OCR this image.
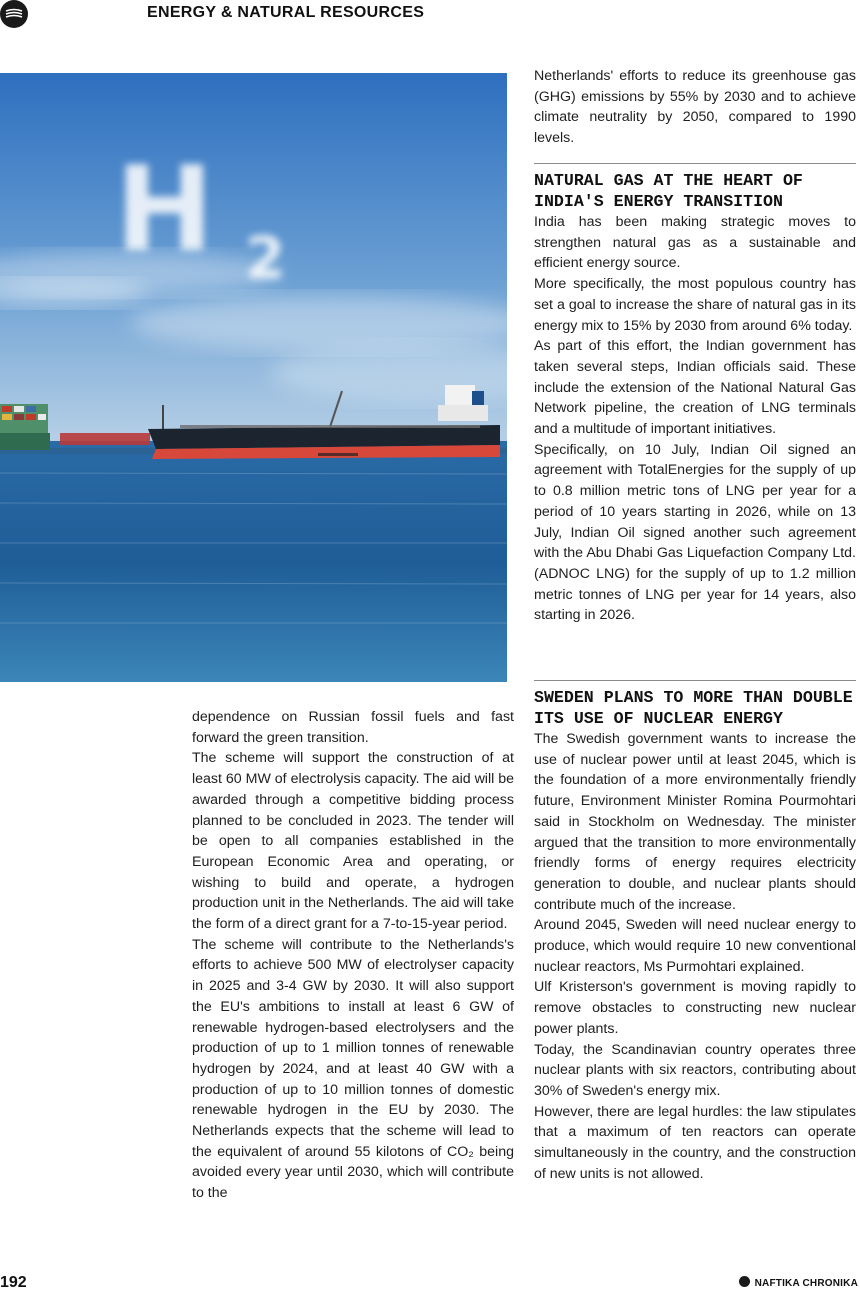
ENERGY & NATURAL RESOURCES
H 2

dependence on Russian fossil fuels and fast forward the green transition.

The scheme will support the construction of at least 60 MW of electrolysis capacity. The aid will be awarded through a competitive bidding process planned to be concluded in 2023. The tender will be open to all companies established in the European Economic Area and operating, or wishing to build and operate, a hydrogen production unit in the Netherlands. The aid will take the form of a direct grant for a 7-to-15-year period.

The scheme will contribute to the Netherlands's efforts to achieve 500 MW of electrolyser capacity in 2025 and 3-4 GW by 2030. It will also support the EU's ambitions to install at least 6 GW of renewable hydrogen-based electrolysers and the production of up to 1 million tonnes of renewable hydrogen by 2024, and at least 40 GW with a production of up to 10 million tonnes of domestic renewable hydrogen in the EU by 2030. The Netherlands expects that the scheme will lead to the equivalent of around 55 kilotons of CO₂ being avoided every year until 2030, which will contribute to the

Netherlands' efforts to reduce its greenhouse gas (GHG) emissions by 55% by 2030 and to achieve climate neutrality by 2050, compared to 1990 levels.

NATURAL GAS AT THE HEART OF INDIA'S ENERGY TRANSITION

India has been making strategic moves to strengthen natural gas as a sustainable and efficient energy source.

More specifically, the most populous country has set a goal to increase the share of natural gas in its energy mix to 15% by 2030 from around 6% today.

As part of this effort, the Indian government has taken several steps, Indian officials said. These include the extension of the National Natural Gas Network pipeline, the creation of LNG terminals and a multitude of important initiatives.

Specifically, on 10 July, Indian Oil signed an agreement with TotalEnergies for the supply of up to 0.8 million metric tons of LNG per year for a period of 10 years starting in 2026, while on 13 July, Indian Oil signed another such agreement with the Abu Dhabi Gas Liquefaction Company Ltd. (ADNOC LNG) for the supply of up to 1.2 million metric tonnes of LNG per year for 14 years, also starting in 2026.

SWEDEN PLANS TO MORE THAN DOUBLE ITS USE OF NUCLEAR ENERGY

The Swedish government wants to increase the use of nuclear power until at least 2045, which is the foundation of a more environmentally friendly future, Environment Minister Romina Pourmohtari said in Stockholm on Wednesday. The minister argued that the transition to more environmentally friendly forms of energy requires electricity generation to double, and nuclear plants should contribute much of the increase.

Around 2045, Sweden will need nuclear energy to produce, which would require 10 new conventional nuclear reactors, Ms Purmohtari explained.

Ulf Kristerson's government is moving rapidly to remove obstacles to constructing new nuclear power plants.

Today, the Scandinavian country operates three nuclear plants with six reactors, contributing about 30% of Sweden's energy mix.

However, there are legal hurdles: the law stipulates that a maximum of ten reactors can operate simultaneously in the country, and the construction of new units is not allowed.

192	NAFTIKA CHRONIKA
